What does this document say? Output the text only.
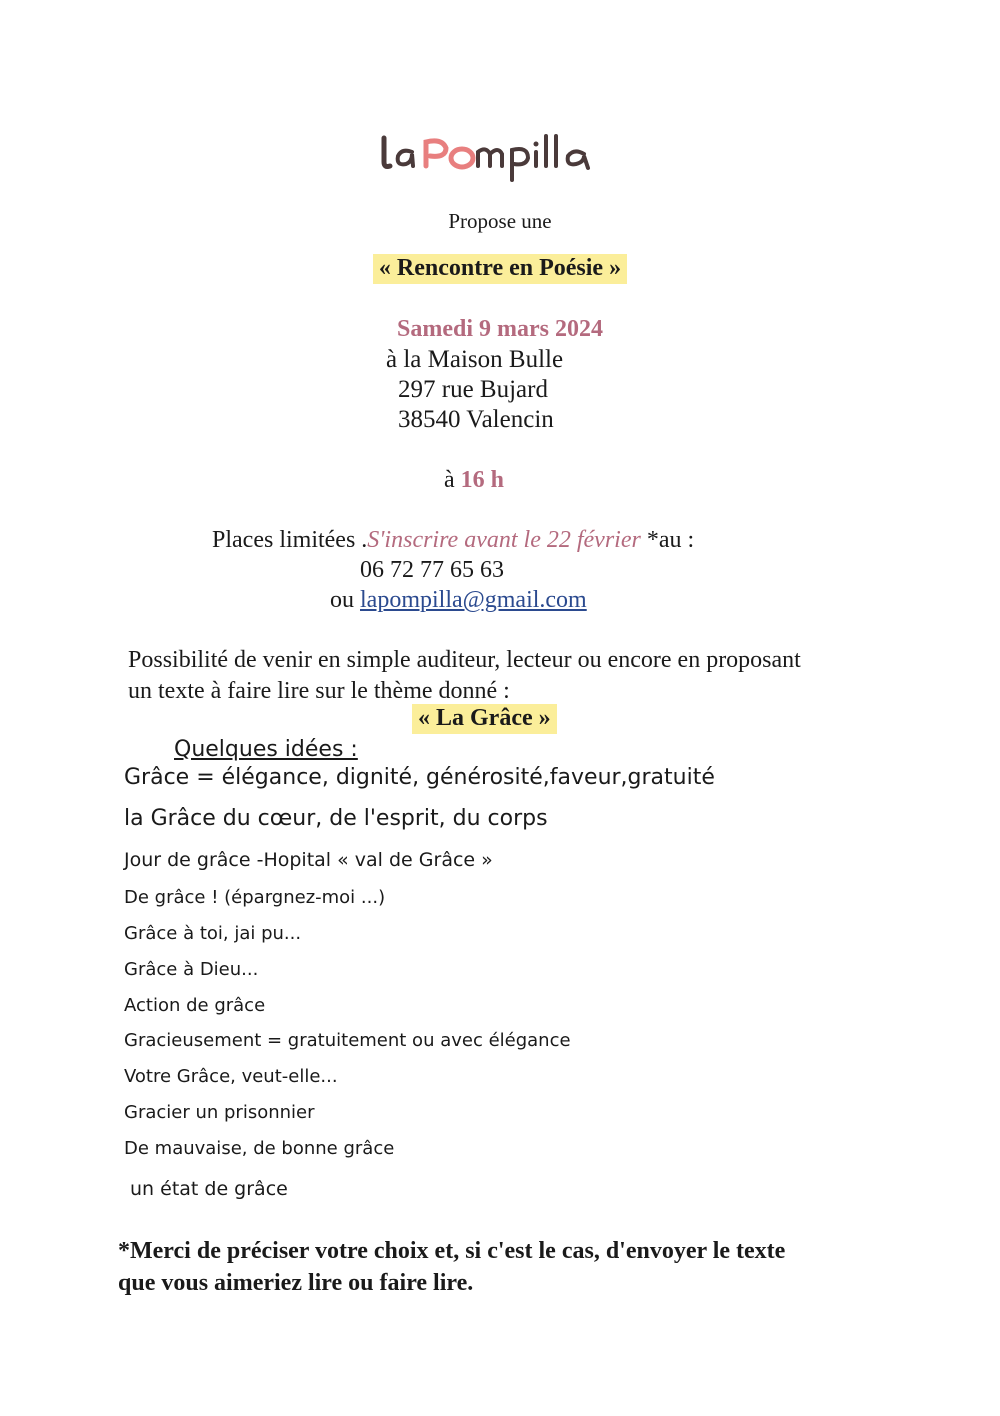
Propose une
« Rencontre en Poésie »
Samedi 9 mars 2024
à la Maison Bulle
297 rue Bujard
38540 Valencin
à 16 h
Places limitées .S'inscrire avant le 22 février *au :
06 72 77 65 63
ou lapompilla@gmail.com
Possibilité de venir en simple auditeur, lecteur ou encore en proposant
un texte à faire lire sur le thème donné :
« La Grâce »
Quelques idées :
Grâce = élégance, dignité, générosité,faveur,gratuité
la Grâce du cœur, de l'esprit, du corps
Jour de grâce -Hopital « val de Grâce »
De grâce ! (épargnez-moi ...)
Grâce à toi, jai pu...
Grâce à Dieu...
Action de grâce
Gracieusement = gratuitement ou avec élégance
Votre Grâce, veut-elle...
Gracier un prisonnier
De mauvaise, de bonne grâce
un état de grâce
*Merci de préciser votre choix et, si c'est le cas, d'envoyer le texte
que vous aimeriez lire ou faire lire.
